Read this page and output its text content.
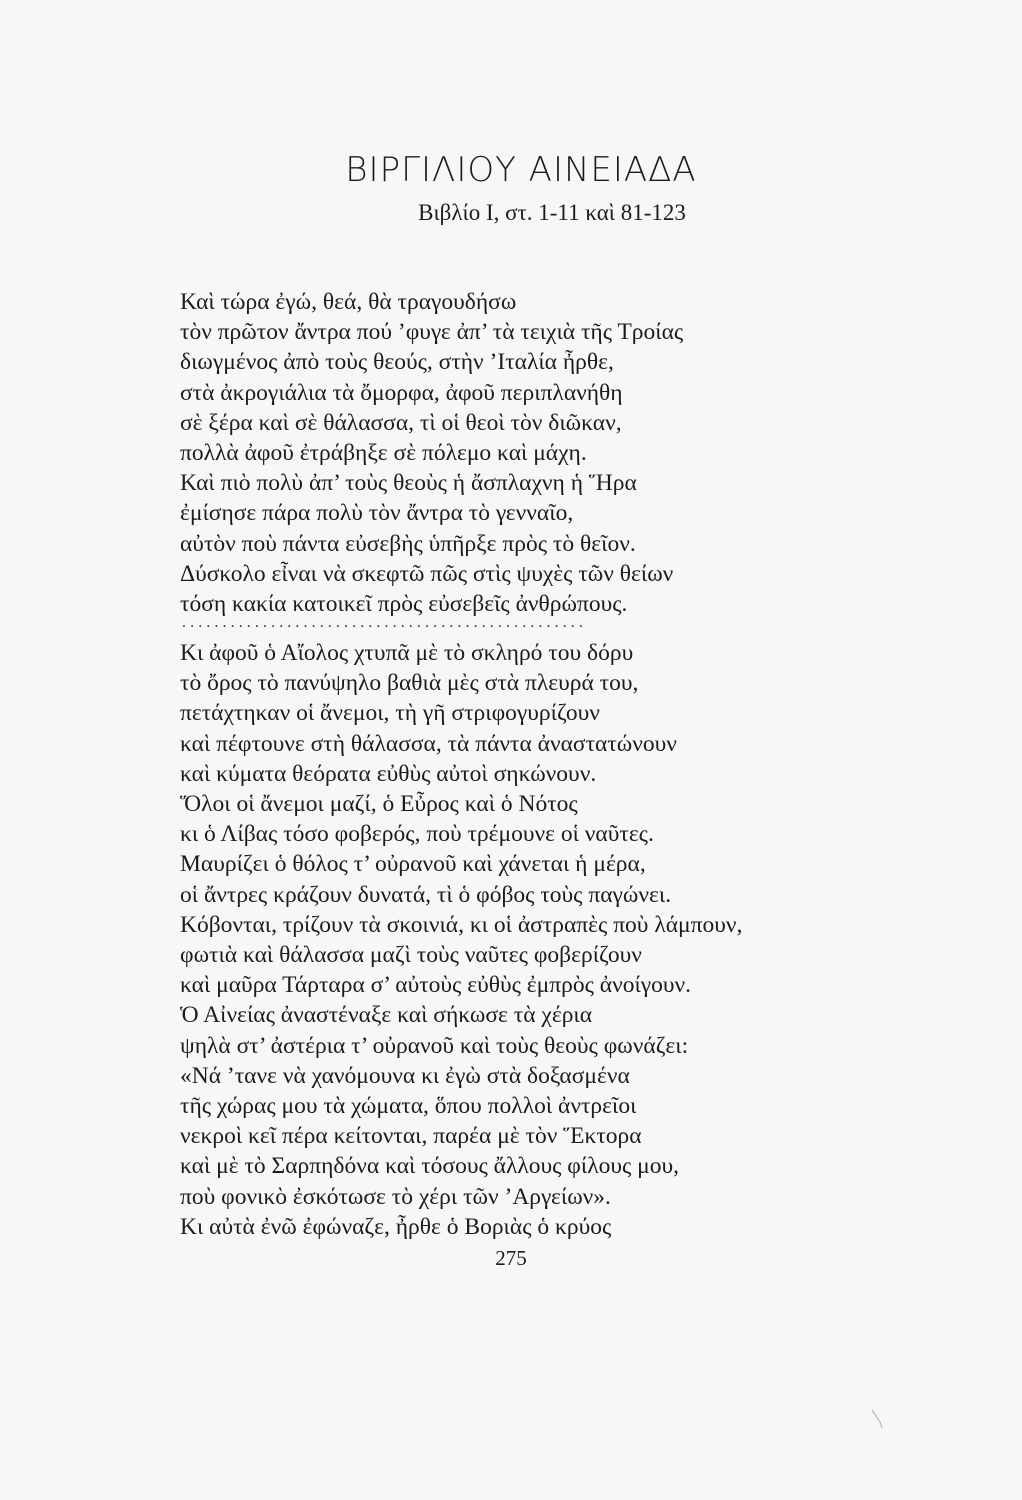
ΒΙΡΓΙΛΙΟΥ ΑΙΝΕΙΑΔΑ
Βιβλίο Ι, στ. 1-11 καὶ 81-123
Καὶ τώρα ἐγώ, θεά, θὰ τραγουδήσω
τὸν πρῶτον ἄντρα πού ’φυγε ἀπ’ τὰ τειχιὰ τῆς Τροίας
διωγμένος ἀπὸ τοὺς θεούς, στὴν ’Ιταλία ἦρθε,
στὰ ἀκρογιάλια τὰ ὄμορφα, ἀφοῦ περιπλανήθη
σὲ ξέρα καὶ σὲ θάλασσα, τὶ οἱ θεοὶ τὸν διῶκαν,
πολλὰ ἀφοῦ ἐτράβηξε σὲ πόλεμο καὶ μάχη.
Καὶ πιὸ πολὺ ἀπ’ τοὺς θεοὺς ἡ ἄσπλαχνη ἡ Ἥρα
ἐμίσησε πάρα πολὺ τὸν ἄντρα τὸ γενναῖο,
αὐτὸν ποὺ πάντα εὐσεβὴς ὑπῆρξε πρὸς τὸ θεῖον.
Δύσκολο εἶναι νὰ σκεφτῶ πῶς στὶς ψυχὲς τῶν θείων
τόση κακία κατοικεῖ πρὸς εὐσεβεῖς ἀνθρώπους.
..................................................
Κι ἀφοῦ ὁ Αἴολος χτυπᾶ μὲ τὸ σκληρό του δόρυ
τὸ ὄρος τὸ πανύψηλο βαθιὰ μὲς στὰ πλευρά του,
πετάχτηκαν οἱ ἄνεμοι, τὴ γῆ στριφογυρίζουν
καὶ πέφτουνε στὴ θάλασσα, τὰ πάντα ἀναστατώνουν
καὶ κύματα θεόρατα εὐθὺς αὐτοὶ σηκώνουν.
Ὅλοι οἱ ἄνεμοι μαζί, ὁ Εὖρος καὶ ὁ Νότος
κι ὁ Λίβας τόσο φοβερός, ποὺ τρέμουνε οἱ ναῦτες.
Μαυρίζει ὁ θόλος τ’ οὐρανοῦ καὶ χάνεται ἡ μέρα,
οἱ ἄντρες κράζουν δυνατά, τὶ ὁ φόβος τοὺς παγώνει.
Κόβονται, τρίζουν τὰ σκοινιά, κι οἱ ἀστραπὲς ποὺ λάμπουν,
φωτιὰ καὶ θάλασσα μαζὶ τοὺς ναῦτες φοβερίζουν
καὶ μαῦρα Τάρταρα σ’ αὐτοὺς εὐθὺς ἐμπρὸς ἀνοίγουν.
Ὁ Αἰνείας ἀναστέναξε καὶ σήκωσε τὰ χέρια
ψηλὰ στ’ ἀστέρια τ’ οὐρανοῦ καὶ τοὺς θεοὺς φωνάζει:
«Νά ’τανε νὰ χανόμουνα κι ἐγὼ στὰ δοξασμένα
τῆς χώρας μου τὰ χώματα, ὅπου πολλοὶ ἀντρεῖοι
νεκροὶ κεῖ πέρα κείτονται, παρέα μὲ τὸν Ἕκτορα
καὶ μὲ τὸ Σαρπηδόνα καὶ τόσους ἄλλους φίλους μου,
ποὺ φονικὸ ἐσκότωσε τὸ χέρι τῶν ’Αργείων».
Κι αὐτὰ ἐνῶ ἐφώναζε, ἦρθε ὁ Βοριὰς ὁ κρύος
275
